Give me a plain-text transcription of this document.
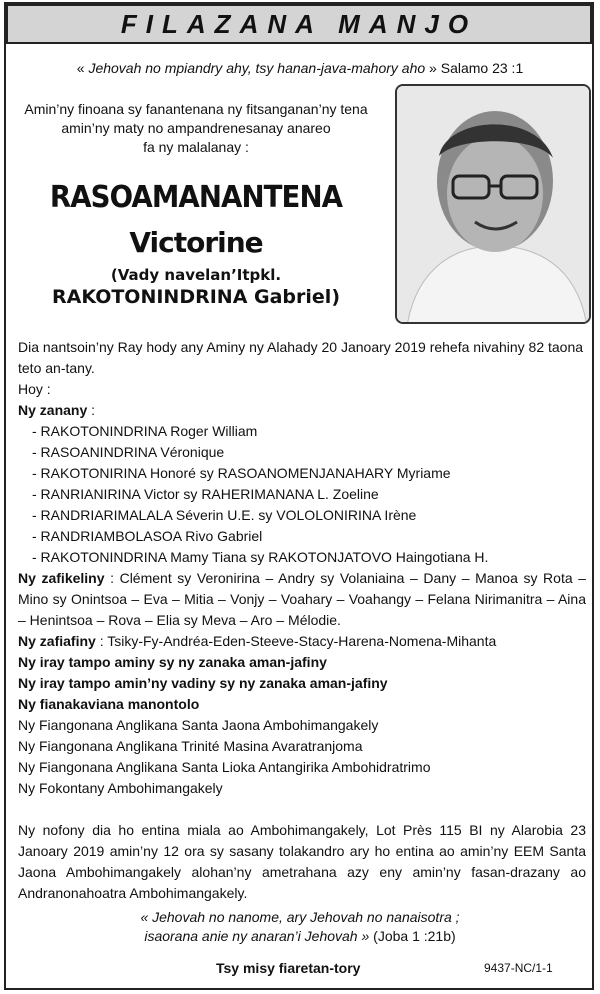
FILAZANA MANJO
« Jehovah no mpiandry ahy, tsy hanan-java-mahory aho » Salamo 23 :1
Amin’ny finoana sy fanantenana ny fitsanganan’ny tena
amin’ny maty no ampandrenesanay anareo
fa ny malalanay :
RASOAMANANTENA
Victorine
(Vady navelan’Itpkl.
RAKOTONINDRINA Gabriel)

Dia nantsoin’ny Ray hody any Aminy ny Alahady 20 Janoary 2019 rehefa nivahiny 82 taona teto an-tany.

Hoy :

Ny zanany :

- RAKOTONINDRINA Roger William

- RASOANINDRINA Véronique

- RAKOTONIRINA Honoré sy RASOANOMENJANAHARY Myriame

- RANRIANIRINA Victor sy RAHERIMANANA L. Zoeline

- RANDRIARIMALALA Séverin U.E. sy VOLOLONIRINA Irène

- RANDRIAMBOLASOA Rivo Gabriel

- RAKOTONINDRINA Mamy Tiana sy RAKOTONJATOVO Haingotiana H.

Ny zafikeliny : Clément sy Veronirina – Andry sy Volaniaina – Dany – Manoa sy Rota – Mino sy Onintsoa – Eva – Mitia – Vonjy – Voahary – Voahangy – Felana Nirimanitra – Aina – Henintsoa – Rova – Elia sy Meva – Aro – Mélodie.

Ny zafiafiny : Tsiky-Fy-Andréa-Eden-Steeve-Stacy-Harena-Nomena-Mihanta

Ny iray tampo aminy sy ny zanaka aman-jafiny

Ny iray tampo amin’ny vadiny sy ny zanaka aman-jafiny

Ny fianakaviana manontolo

Ny Fiangonana Anglikana Santa Jaona Ambohimangakely

Ny Fiangonana Anglikana Trinité Masina Avaratranjoma

Ny Fiangonana Anglikana Santa Lioka Antangirika Ambohidratrimo

Ny Fokontany Ambohimangakely

Ny nofony dia ho entina miala ao Ambohimangakely, Lot Près 115 BI ny Alarobia 23 Janoary 2019 amin’ny 12 ora sy sasany tolakandro ary ho entina ao amin’ny EEM Santa Jaona Ambohimangakely alohan’ny ametrahana azy eny amin’ny fasan-drazany ao Andranonahoatra Ambohimangakely.

« Jehovah no nanome, ary Jehovah no nanaisotra ;
isaorana anie ny anaran’i Jehovah » (Joba 1 :21b)
Tsy misy fiaretan-tory	9437-NC/1-1
